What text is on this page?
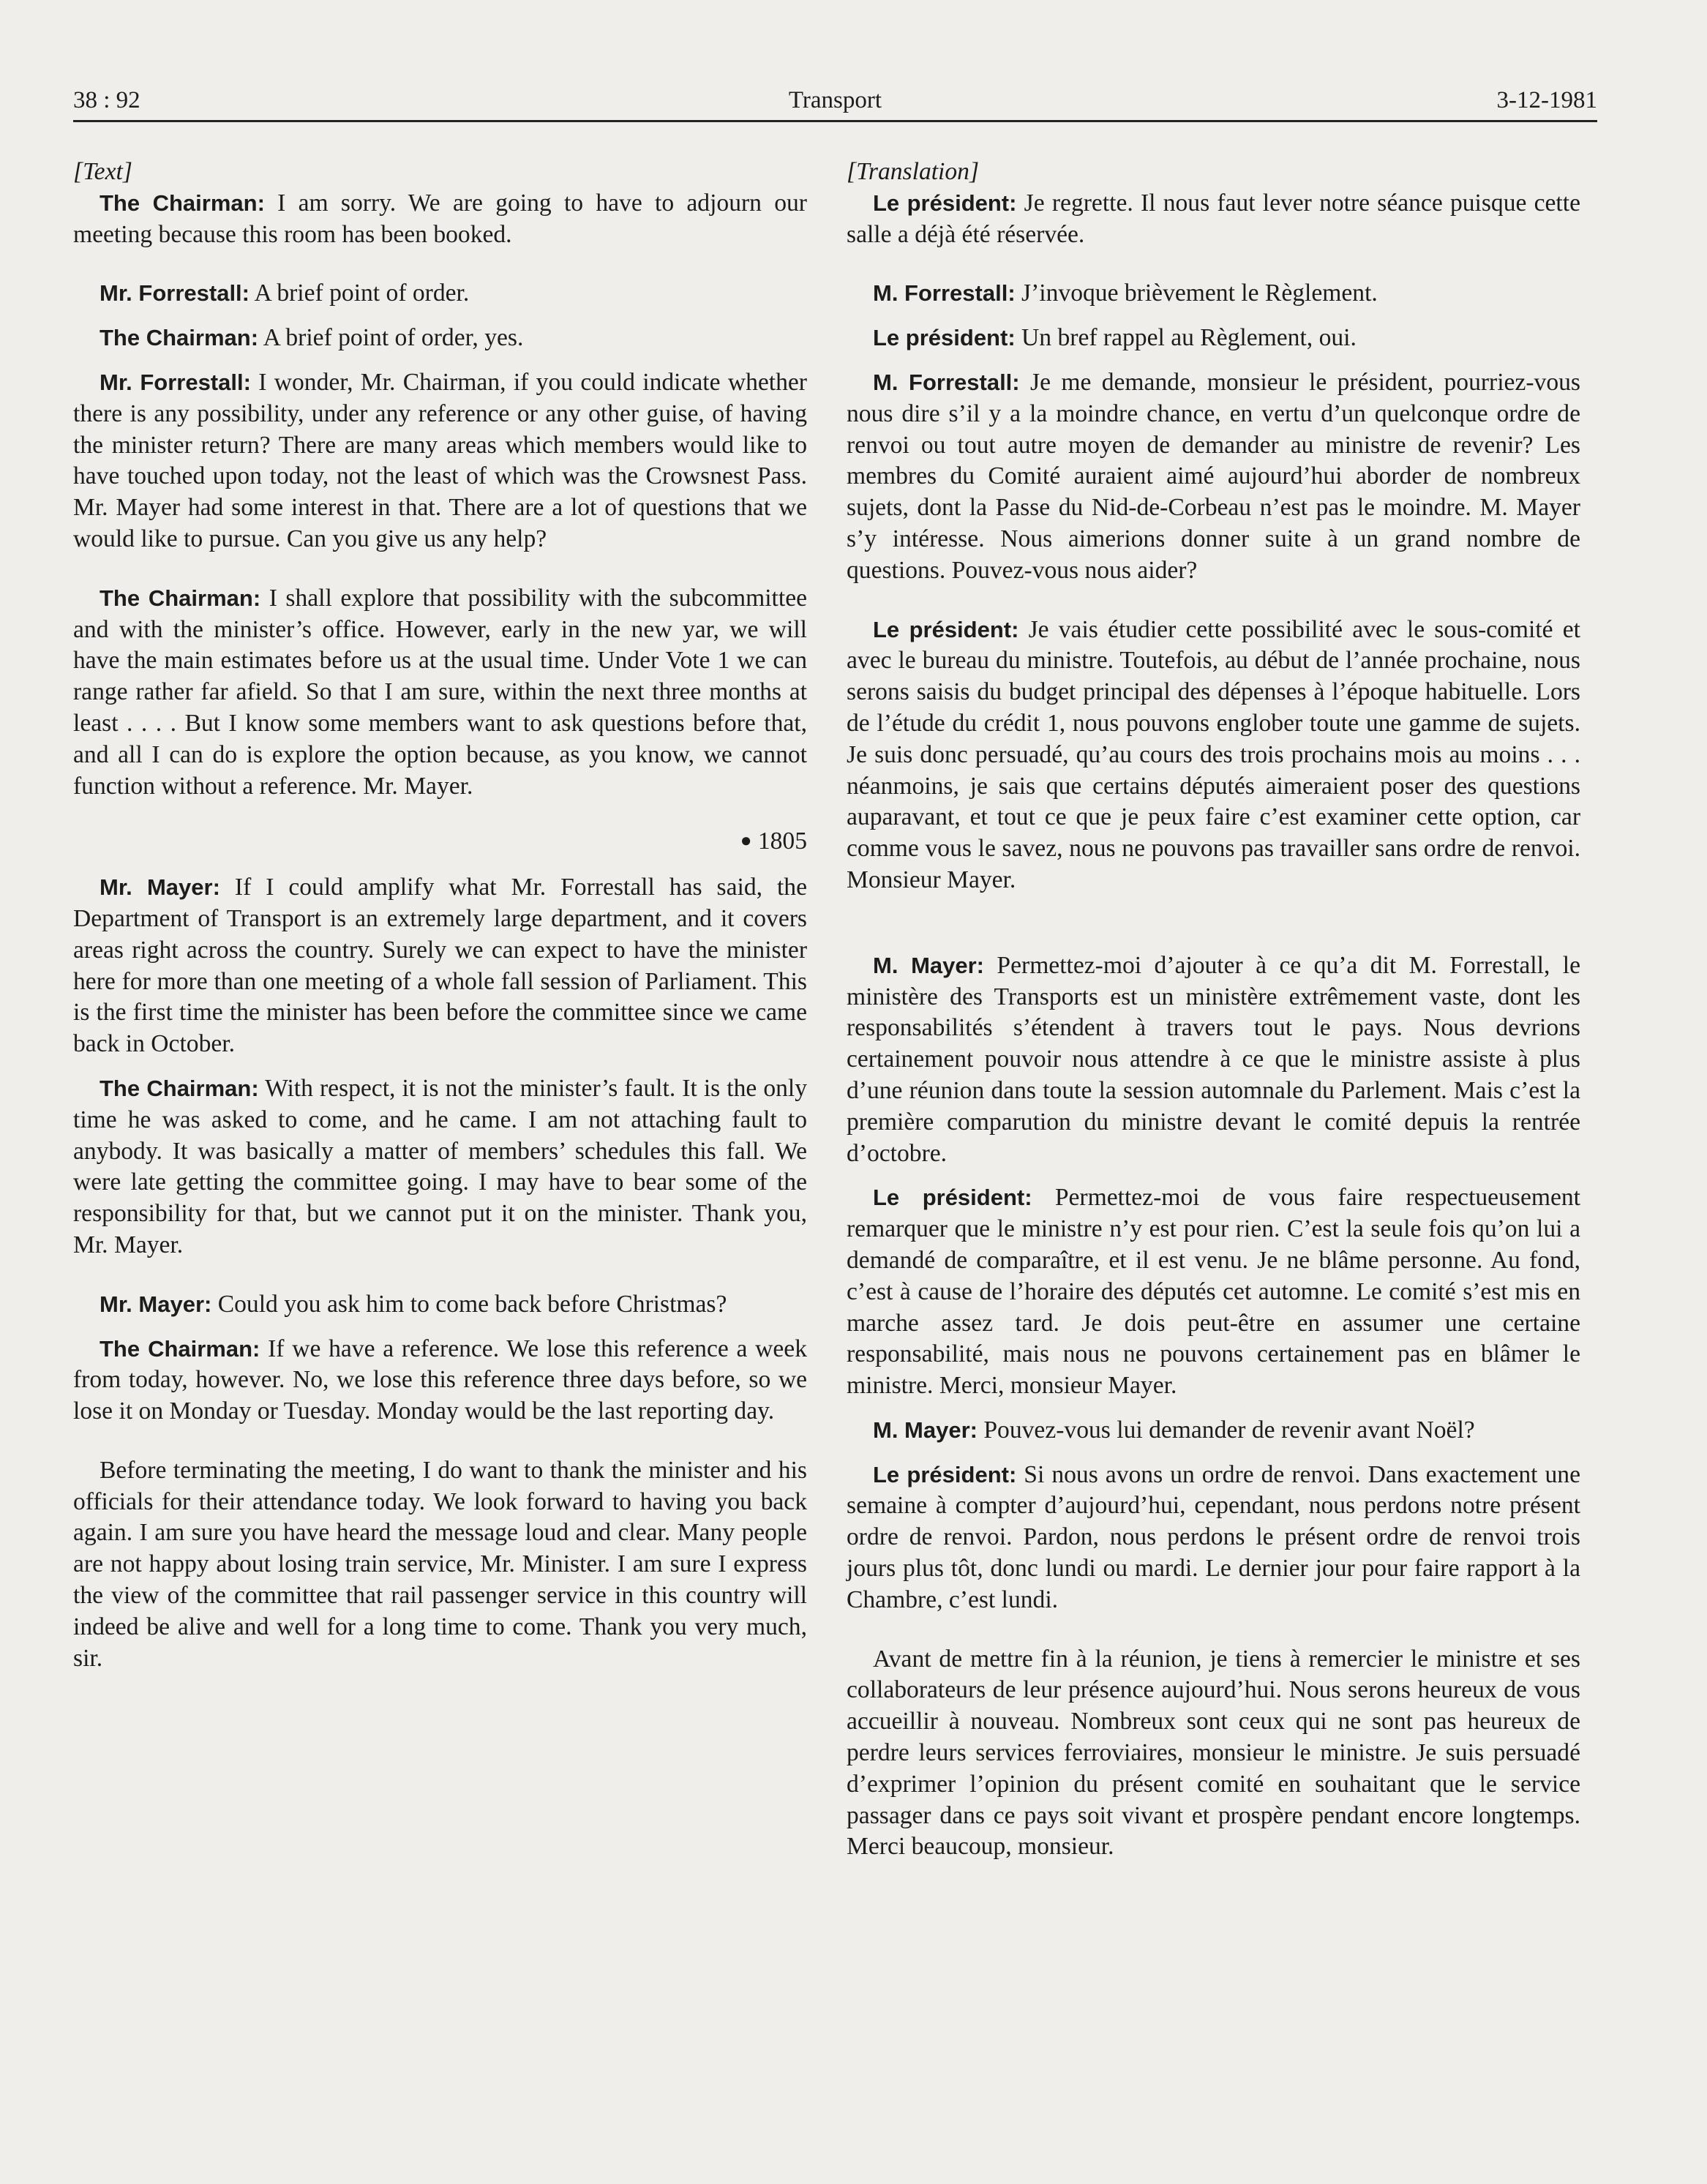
38 : 92	Transport	3-12-1981
[Text]

The Chairman: I am sorry. We are going to have to adjourn our meeting because this room has been booked.

Mr. Forrestall: A brief point of order.

The Chairman: A brief point of order, yes.

Mr. Forrestall: I wonder, Mr. Chairman, if you could indicate whether there is any possibility, under any reference or any other guise, of having the minister return? There are many areas which members would like to have touched upon today, not the least of which was the Crowsnest Pass. Mr. Mayer had some interest in that. There are a lot of questions that we would like to pursue. Can you give us any help?

The Chairman: I shall explore that possibility with the subcommittee and with the minister’s office. However, early in the new yar, we will have the main estimates before us at the usual time. Under Vote 1 we can range rather far afield. So that I am sure, within the next three months at least . . . . But I know some members want to ask questions before that, and all I can do is explore the option because, as you know, we cannot function without a reference. Mr. Mayer.

● 1805

Mr. Mayer: If I could amplify what Mr. Forrestall has said, the Department of Transport is an extremely large department, and it covers areas right across the country. Surely we can expect to have the minister here for more than one meeting of a whole fall session of Parliament. This is the first time the minister has been before the committee since we came back in October.

The Chairman: With respect, it is not the minister’s fault. It is the only time he was asked to come, and he came. I am not attaching fault to anybody. It was basically a matter of members’ schedules this fall. We were late getting the committee going. I may have to bear some of the responsibility for that, but we cannot put it on the minister. Thank you, Mr. Mayer.

Mr. Mayer: Could you ask him to come back before Christmas?

The Chairman: If we have a reference. We lose this reference a week from today, however. No, we lose this reference three days before, so we lose it on Monday or Tuesday. Monday would be the last reporting day.

Before terminating the meeting, I do want to thank the minister and his officials for their attendance today. We look forward to having you back again. I am sure you have heard the message loud and clear. Many people are not happy about losing train service, Mr. Minister. I am sure I express the view of the committee that rail passenger service in this country will indeed be alive and well for a long time to come. Thank you very much, sir.

[Translation]

Le président: Je regrette. Il nous faut lever notre séance puisque cette salle a déjà été réservée.

M. Forrestall: J’invoque brièvement le Règlement.

Le président: Un bref rappel au Règlement, oui.

M. Forrestall: Je me demande, monsieur le président, pourriez-vous nous dire s’il y a la moindre chance, en vertu d’un quelconque ordre de renvoi ou tout autre moyen de demander au ministre de revenir? Les membres du Comité auraient aimé aujourd’hui aborder de nombreux sujets, dont la Passe du Nid-de-Corbeau n’est pas le moindre. M. Mayer s’y intéresse. Nous aimerions donner suite à un grand nombre de questions. Pouvez-vous nous aider?

Le président: Je vais étudier cette possibilité avec le sous-comité et avec le bureau du ministre. Toutefois, au début de l’année prochaine, nous serons saisis du budget principal des dépenses à l’époque habituelle. Lors de l’étude du crédit 1, nous pouvons englober toute une gamme de sujets. Je suis donc persuadé, qu’au cours des trois prochains mois au moins . . . néanmoins, je sais que certains députés aimeraient poser des questions auparavant, et tout ce que je peux faire c’est examiner cette option, car comme vous le savez, nous ne pouvons pas travailler sans ordre de renvoi. Monsieur Mayer.

M. Mayer: Permettez-moi d’ajouter à ce qu’a dit M. Forrestall, le ministère des Transports est un ministère extrêmement vaste, dont les responsabilités s’étendent à travers tout le pays. Nous devrions certainement pouvoir nous attendre à ce que le ministre assiste à plus d’une réunion dans toute la session automnale du Parlement. Mais c’est la première comparution du ministre devant le comité depuis la rentrée d’octobre.

Le président: Permettez-moi de vous faire respectueusement remarquer que le ministre n’y est pour rien. C’est la seule fois qu’on lui a demandé de comparaître, et il est venu. Je ne blâme personne. Au fond, c’est à cause de l’horaire des députés cet automne. Le comité s’est mis en marche assez tard. Je dois peut-être en assumer une certaine responsabilité, mais nous ne pouvons certainement pas en blâmer le ministre. Merci, monsieur Mayer.

M. Mayer: Pouvez-vous lui demander de revenir avant Noël?

Le président: Si nous avons un ordre de renvoi. Dans exactement une semaine à compter d’aujourd’hui, cependant, nous perdons notre présent ordre de renvoi. Pardon, nous perdons le présent ordre de renvoi trois jours plus tôt, donc lundi ou mardi. Le dernier jour pour faire rapport à la Chambre, c’est lundi.

Avant de mettre fin à la réunion, je tiens à remercier le ministre et ses collaborateurs de leur présence aujourd’hui. Nous serons heureux de vous accueillir à nouveau. Nombreux sont ceux qui ne sont pas heureux de perdre leurs services ferroviaires, monsieur le ministre. Je suis persuadé d’exprimer l’opinion du présent comité en souhaitant que le service passager dans ce pays soit vivant et prospère pendant encore longtemps. Merci beaucoup, monsieur.
